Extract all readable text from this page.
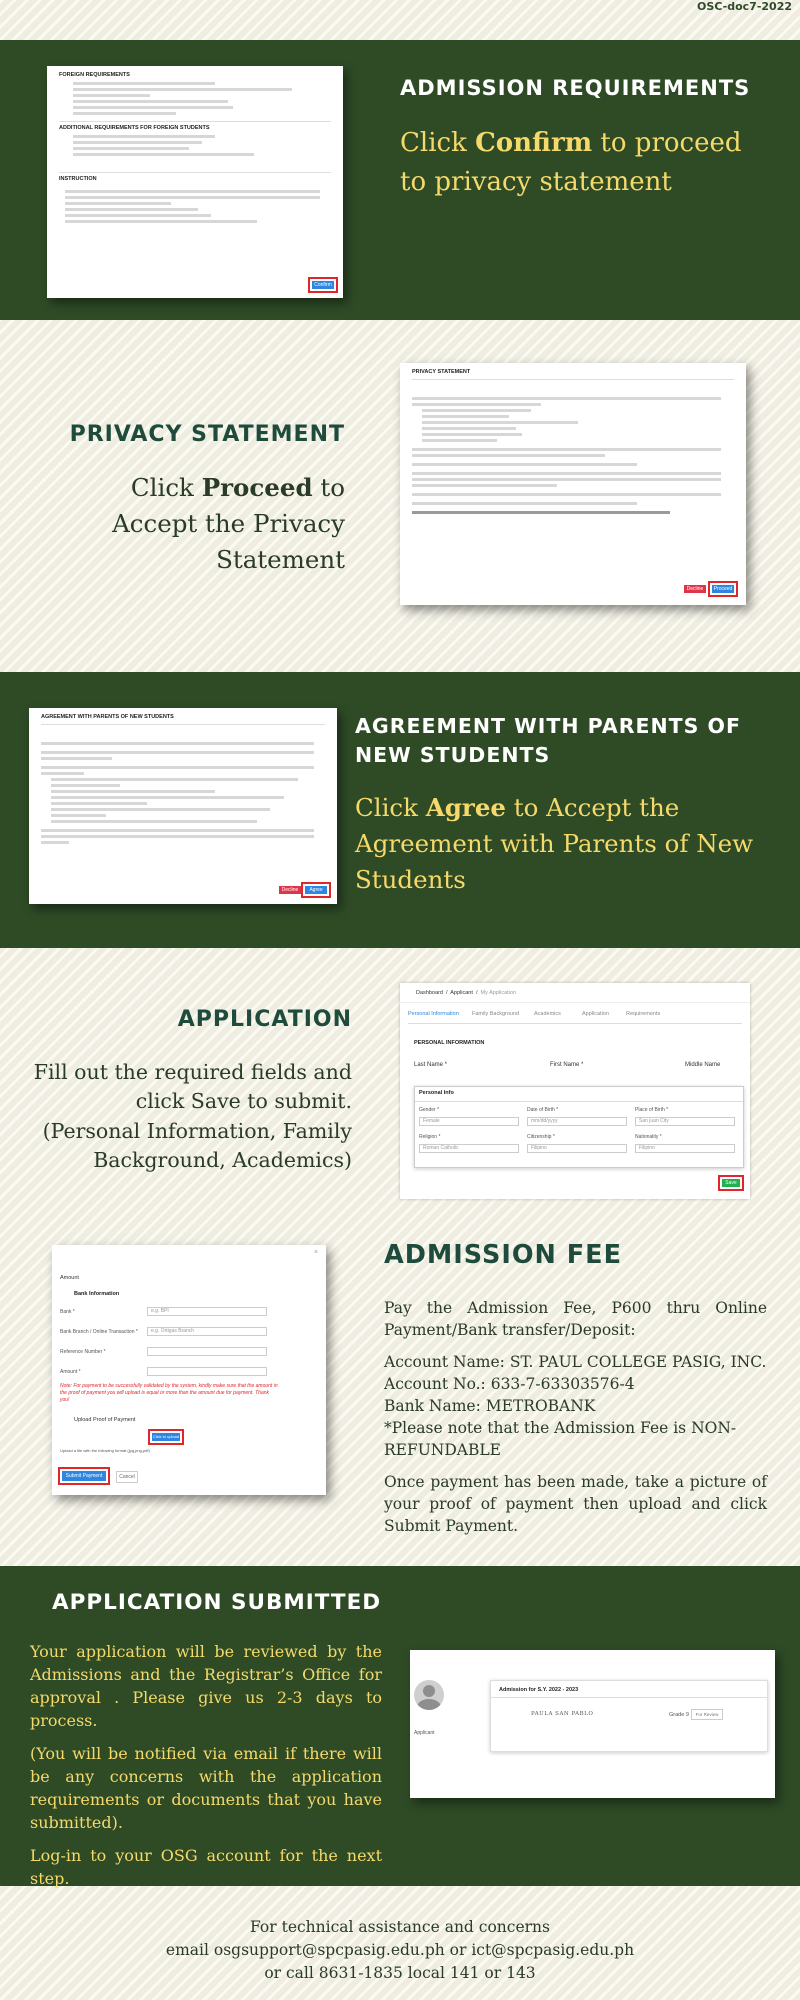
OSC-doc7-2022
FOREIGN REQUIREMENTS
ADDITIONAL REQUIREMENTS FOR FOREIGN STUDENTS
INSTRUCTION
Confirm
ADMISSION REQUIREMENTS

Click Confirm to proceed to privacy statement

PRIVACY STATEMENT

Click Proceed to Accept the Privacy Statement

PRIVACY STATEMENT
Decline	Proceed
AGREEMENT WITH PARENTS OF NEW STUDENTS
Decline	Agree
AGREEMENT WITH PARENTS OF NEW STUDENTS

Click Agree to Accept the Agreement with Parents of New Students

APPLICATION

Fill out the required fields and click Save to submit.

(Personal Information, Family Background, Academics)

Dashboard  /  Applicant  /  My Application
Personal Information Family Background	Academics	Application	Requirements
PERSONAL INFORMATION
Last Name *	First Name *	Middle Name
Personal Info
Gender *	Date of Birth *	Place of Birth *
Female	mm/dd/yyyy	San juan City
Religion *	Citizenship *	Nationality *
Roman Catholic	Filipino	Filipino
Save
×
Amount
Bank Information
Bank *	e.g. BPI
Bank Branch / Online Transaction *	e.g. Ortigas Branch
Reference Number *
Amount *
Note: For payment to be successfully validated by the system, kindly make sure that the amount in the proof of payment you will upload is equal or more than the amount due for payment. Thank you!
Upload Proof of Payment
Click to upload
Upload a file with the following format (jpg,png,pdf)
Submit Payment	Cancel
ADMISSION FEE

Pay the Admission Fee, P600 thru Online Payment/Bank transfer/Deposit:

Account Name: ST. PAUL COLLEGE PASIG, INC.
Account No.: 633-7-63303576-4
Bank Name: METROBANK
*Please note that the Admission Fee is NON-REFUNDABLE

Once payment has been made, take a picture of your proof of payment then upload and click Submit Payment.

APPLICATION SUBMITTED

Your application will be reviewed by the Admissions and the Registrar’s Office for approval . Please give us 2-3 days to process.

(You will be notified via email if there will be any concerns with the application requirements or documents that you have submitted).

Log-in to your OSG account for the next step.

Applicant
Admission for S.Y. 2022 - 2023
PAULA SAN PABLO	Grade 9	For Review
For technical assistance and concerns
email osgsupport@spcpasig.edu.ph or ict@spcpasig.edu.ph
or call 8631-1835 local 141 or 143
